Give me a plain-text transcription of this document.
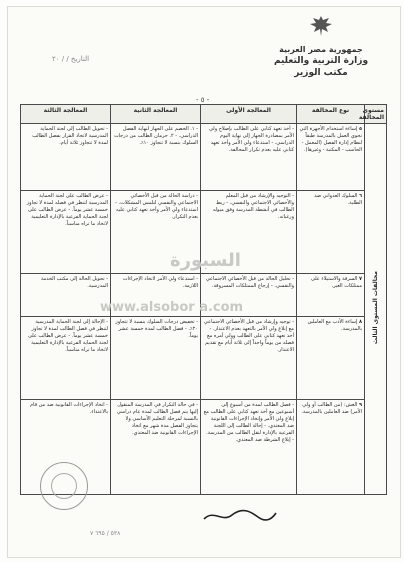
جمهورية مصر العربية
وزارة التربية والتعليم
مكتب الوزير
التاريخ / / ٢٠
- ٥ -
مستوى المخالفة	نوع المخالفة	المعالجة الأولى	المعالجة الثانية	المعالجة الثالثة
مخالفات المستوى الثالث	٥ إساءة استخدام الأجهزة التي تحوي العمل بالمدرسة طبقاً لنظام إدارة الفصل (المعمل - الحاسب - المكتبة - وغيرها).	- أخذ تعهد كتابي على الطالب بإصلاح ولي الأمر بمصادرة الجهاز إلى نهاية اليوم الدراسي. - استدعاء ولي الأمر وأخذ تعهد كتابي عليه بعدم تكرار المخالفة.	- ١. الخصم على الجهاز لنهاية الفصل الدراسي. - ٢. حرمان الطالب من درجات السلوك بنسبة لا تتجاوز ١٠٪.	- تحويل الطالب إلى لجنة الحماية المدرسية لاتخاذ القرار بفصل الطالب لمدة لا تتجاوز ثلاثة أيام.
	٦ السلوك العدواني ضد الطلبة.	- التوجيه والإرشاد من قبل المعلم والأخصائي الاجتماعي والنفسي. - ربط الطالب في أنشطة المدرسة وفق ميوله ورغباته.	- دراسة الحالة من قبل الأخصائي الاجتماعي والنفسي لتلمس المشكلات. - استدعاء ولي الأمر وأخذ تعهد كتابي عليه بعدم التكرار.	- عرض الطالب على لجنة الحماية المدرسية لتنظر في فصله لمدة لا تجاوز خمسة عشر يوماً. - عرض الطالب على لجنة الحماية الفرعية بالإدارة التعليمية لاتخاذ ما تراه مناسباً.
	٧ السرقة والاستيلاء على ممتلكات الغير.	- تحليل الحالة من قبل الأخصائي الاجتماعي والنفسي. - إرجاع الممتلكات المسروقة.	- استدعاء ولي الأمر لاتخاذ الإجراءات اللازمة.	- تحويل الحالة إلى مكتب الخدمة المدرسية.
	٨ إساءة الأدب مع العاملين بالمدرسة.	- توجيه وإرشاد من قبل الأخصائي الاجتماعي مع إبلاغ ولي الأمر بالتعهد بعدم الاعتذار. - أخذ تعهد كتابي على الطالب وولي أمره مع فصله من يوماً واحداً إلى ثلاثة أيام مع تقديم الاعتذار.	- تخفيض درجات السلوك بنسبة لا تتجاوز ٢٠٪. - فصل الطالب لمدة خمسة عشر يوماً.	- الإحالة إلى لجنة الحماية المدرسية لتنظر في فصل الطالب لمدة لا تجاوز خمسة عشر يوماً. - عرض الطالب على لجنة الحماية الفرعية بالإدارة التعليمية لاتخاذ ما تراه مناسباً.
	٩ الغش: (من الطالب أو ولي الأمر) ضد العاملين بالمدرسة.	- فصل الطالب لمدة من أسبوع إلى أسبوعين مع أخذ تعهد كتابي على الطالب مع إبلاغ ولي الأمر وإتخاذ الإجراءات القانونية ضد المعتدي. - إحالة الطالب إلى اللجنة الفرعية بالإدارة لنقل الطالب من المدرسة. - إبلاغ الشرطة ضد المعتدي.	- في حالة التكرار في المدرسة المنقول إليها يتم فصل الطالب لمدة عام دراسي بالنسبة لمرحلة التعليم الأساسي ولا يتجاوز الفصل مدة شهر مع اتخاذ الإجراءات القانونية ضد المعتدي.	- اتخاذ الإجراءات القانونية ضد من قام بالاعتداء.
السبورة
www.alsobor a.com
٥٣٨ / ٦٩٥ ٧
